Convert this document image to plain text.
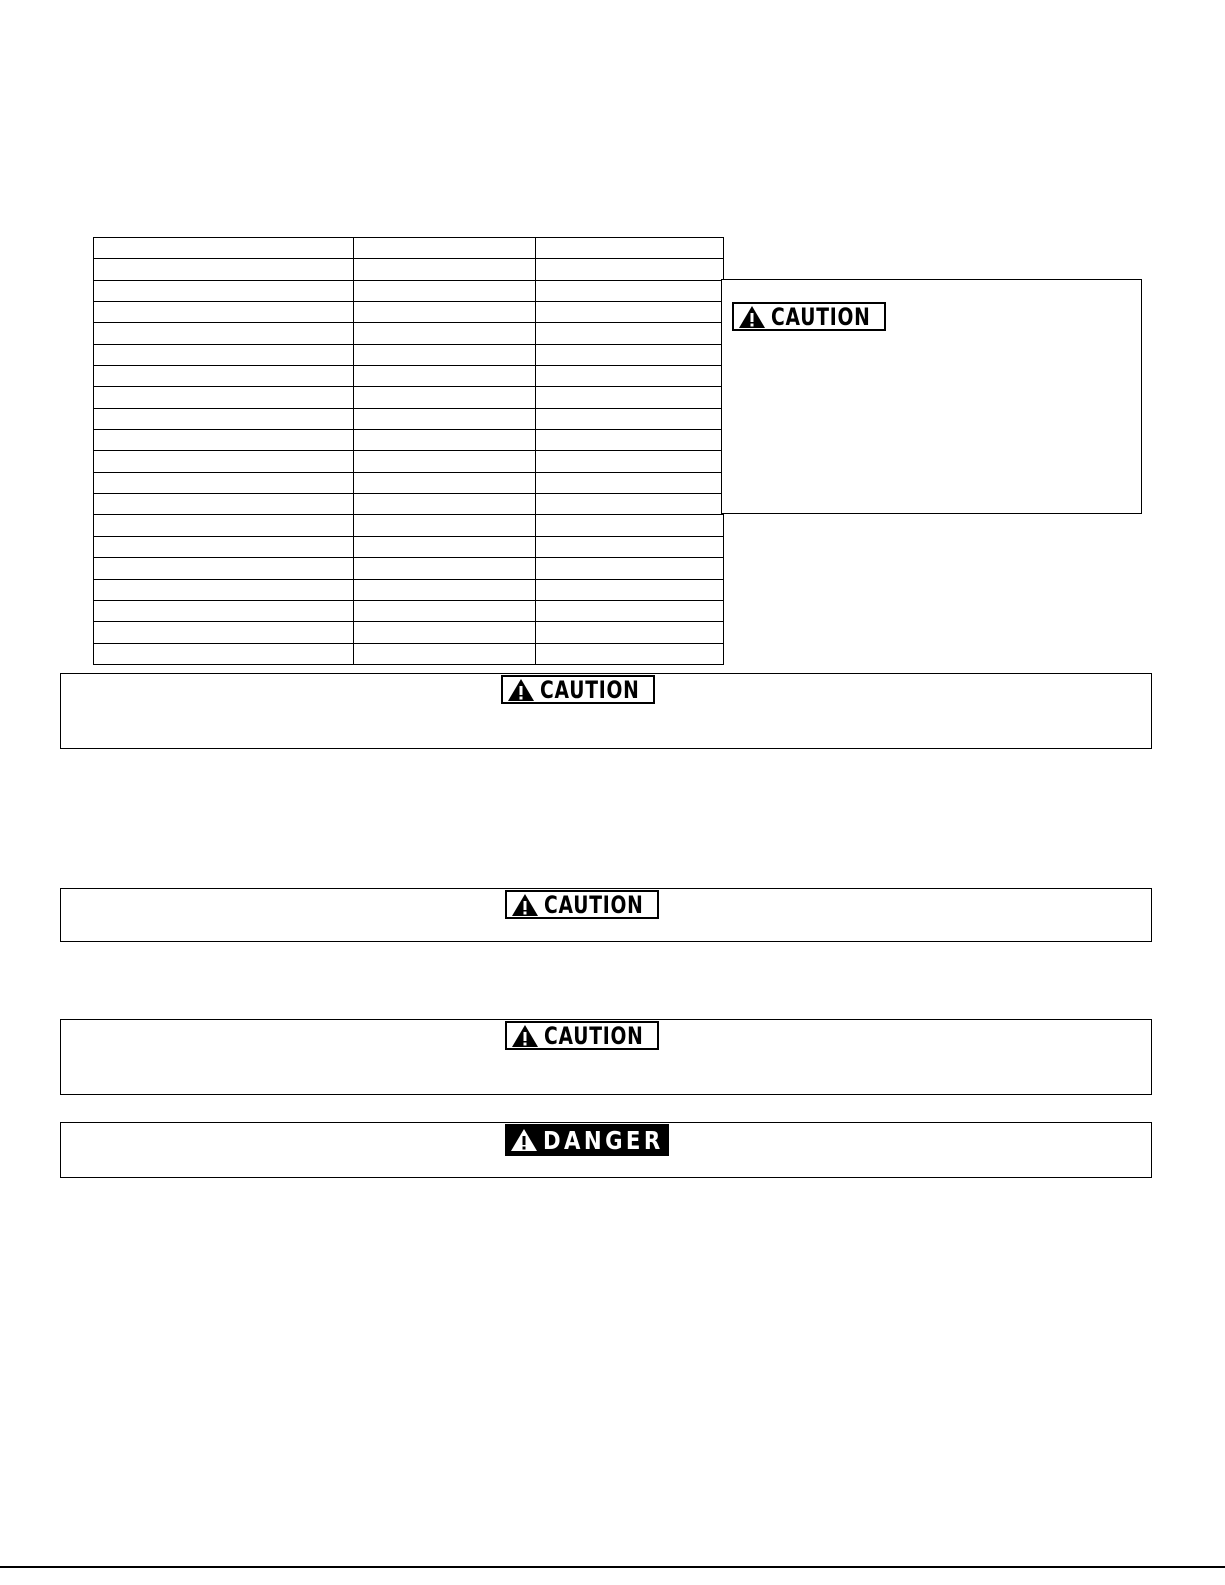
CAUTION
CAUTION
CAUTION
CAUTION
DANGER
